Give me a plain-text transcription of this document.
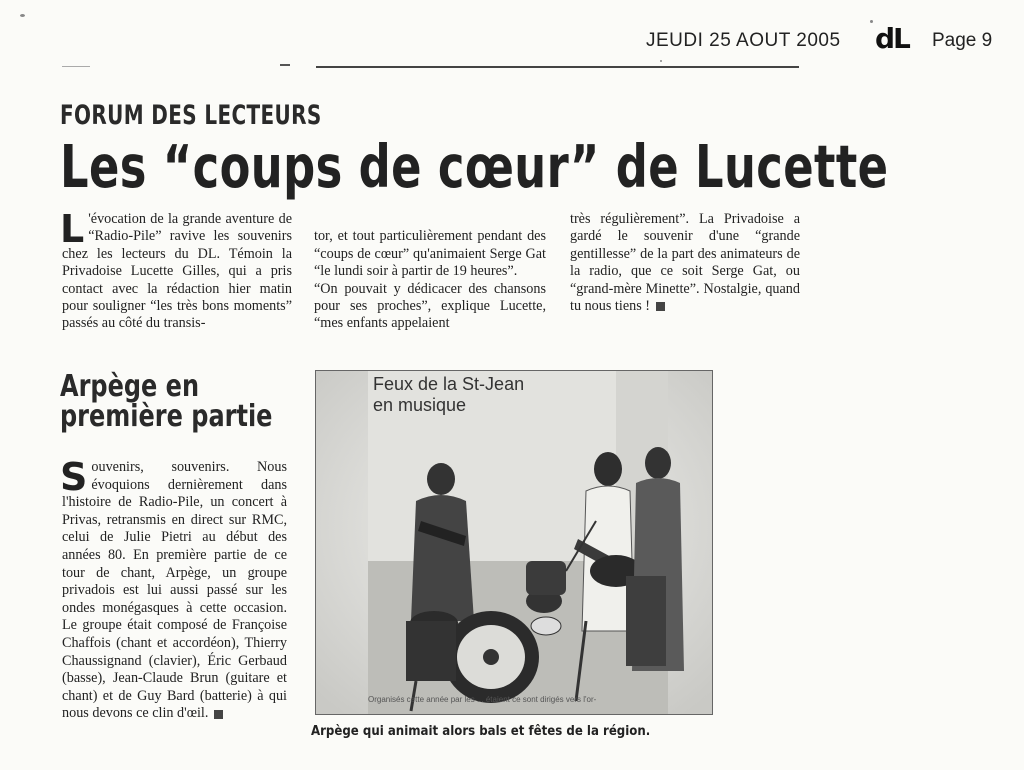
JEUDI 25 AOUT 2005 dL Page 9
FORUM DES LECTEURS
Les “coups de cœur” de Lucette
L 'évocation de la grande aventure de “Radio-Pile” ravive les souvenirs chez les lecteurs du DL. Témoin la Privadoise Lucette Gilles, qui a pris contact avec la rédaction hier matin pour souligner “les très bons moments” passés au côté du transis-

tor, et tout particulièrement pendant des “coups de cœur” qu'animaient Serge Gat “le lundi soir à partir de 19 heures”.
“On pouvait y dédicacer des chansons pour ses proches”, explique Lucette, “mes enfants appelaient

très régulièrement”. La Privadoise a gardé le souvenir d'une “grande gentillesse” de la part des animateurs de la radio, que ce soit Serge Gat, ou “grand-mère Minette”. Nostalgie, quand tu nous tiens !
Arpège en
première partie
S ouvenirs, souvenirs. Nous évoquions dernièrement dans l'histoire de Radio-Pile, un concert à Privas, retransmis en direct sur RMC, celui de Julie Pietri au début des années 80. En première partie de ce tour de chant, Arpège, un groupe privadois est lui aussi passé sur les ondes monégasques à cette occasion. Le groupe était composé de Françoise Chaffois (chant et accordéon), Thierry Chaussignand (clavier), Éric Gerbaud (basse), Jean-Claude Brun (guitare et chant) et de Guy Bard (batterie) à qui nous devons ce clin d'œil.
Feux de la St-Jean
en musique
Organisés cette année par les ... étaient ce sont dirigés vers l'or-
Arpège qui animait alors bals et fêtes de la région.
